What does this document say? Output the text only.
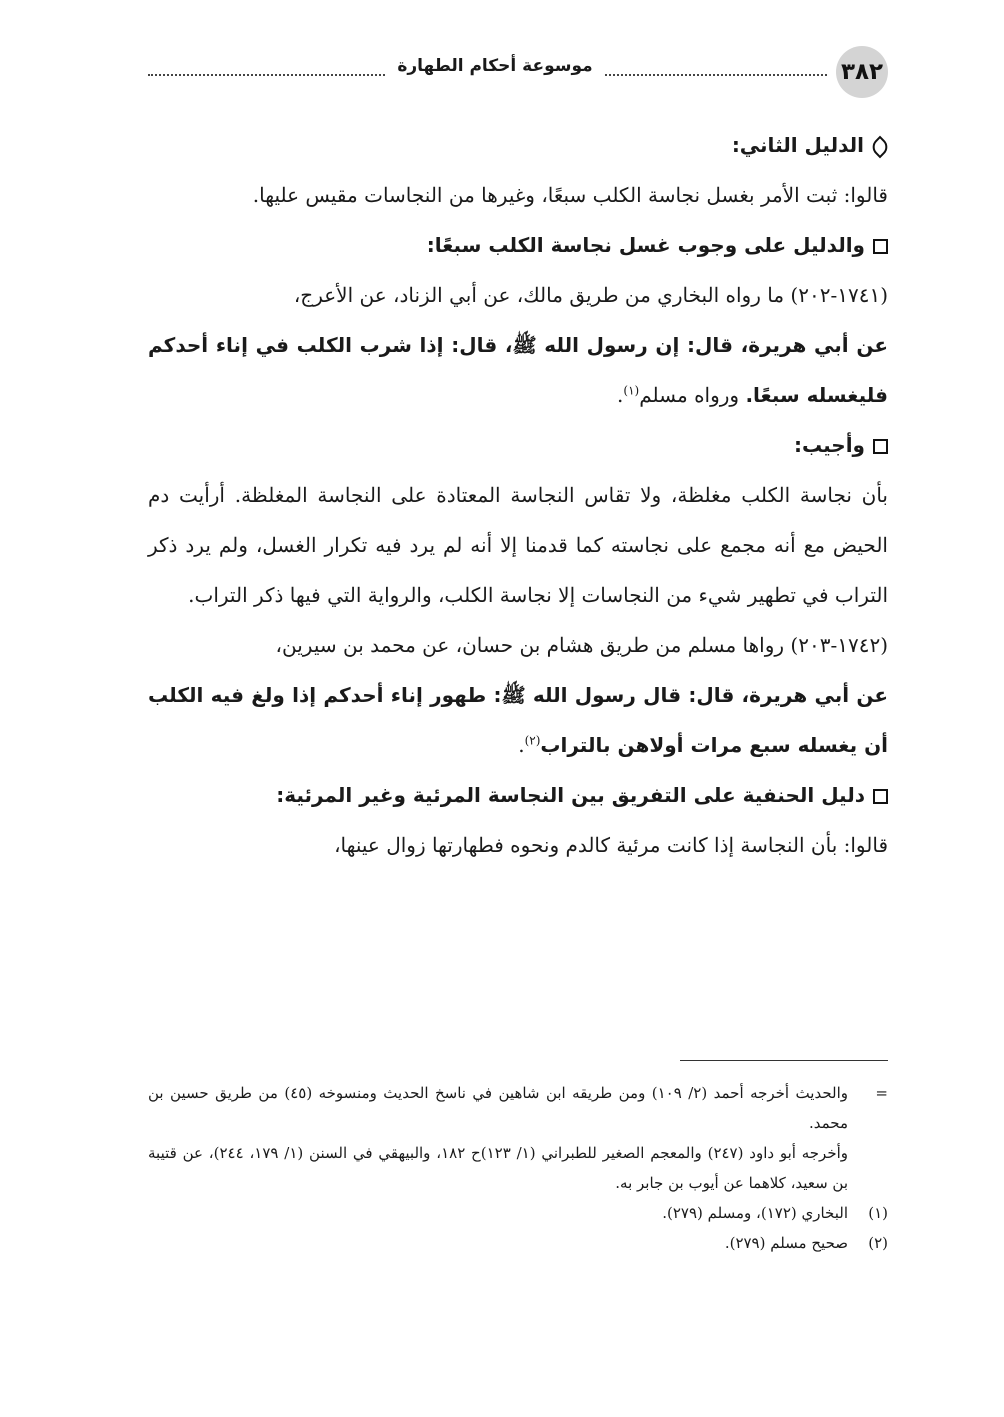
٣٨٢
موسوعة أحكام الطهارة

الدليل الثاني:

قالوا: ثبت الأمر بغسل نجاسة الكلب سبعًا، وغيرها من النجاسات مقيس عليها.

والدليل على وجوب غسل نجاسة الكلب سبعًا:

(١٧٤١-٢٠٢) ما رواه البخاري من طريق مالك، عن أبي الزناد، عن الأعرج،

عن أبي هريرة، قال: إن رسول الله ﷺ، قال: إذا شرب الكلب في إناء أحدكم فليغسله سبعًا. ورواه مسلم$^{(١)}$.

وأجيب:

بأن نجاسة الكلب مغلظة، ولا تقاس النجاسة المعتادة على النجاسة المغلظة. أرأيت دم الحيض مع أنه مجمع على نجاسته كما قدمنا إلا أنه لم يرد فيه تكرار الغسل، ولم يرد ذكر التراب في تطهير شيء من النجاسات إلا نجاسة الكلب، والرواية التي فيها ذكر التراب.

(١٧٤٢-٢٠٣) رواها مسلم من طريق هشام بن حسان، عن محمد بن سيرين،

عن أبي هريرة، قال: قال رسول الله ﷺ: طهور إناء أحدكم إذا ولغ فيه الكلب أن يغسله سبع مرات أولاهن بالتراب$^{(٢)}$.

دليل الحنفية على التفريق بين النجاسة المرئية وغير المرئية:

قالوا: بأن النجاسة إذا كانت مرئية كالدم ونحوه فطهارتها زوال عينها،

=
والحديث أخرجه أحمد (٢/ ١٠٩) ومن طريقه ابن شاهين في ناسخ الحديث ومنسوخه (٤٥) من طريق حسين بن محمد.

وأخرجه أبو داود (٢٤٧) والمعجم الصغير للطبراني (١/ ١٢٣)ح ١٨٢، والبيهقي في السنن (١/ ١٧٩، ٢٤٤)، عن قتيبة بن سعيد، كلاهما عن أيوب بن جابر به.

(١)
البخاري (١٧٢)، ومسلم (٢٧٩).

(٢)
صحيح مسلم (٢٧٩).
